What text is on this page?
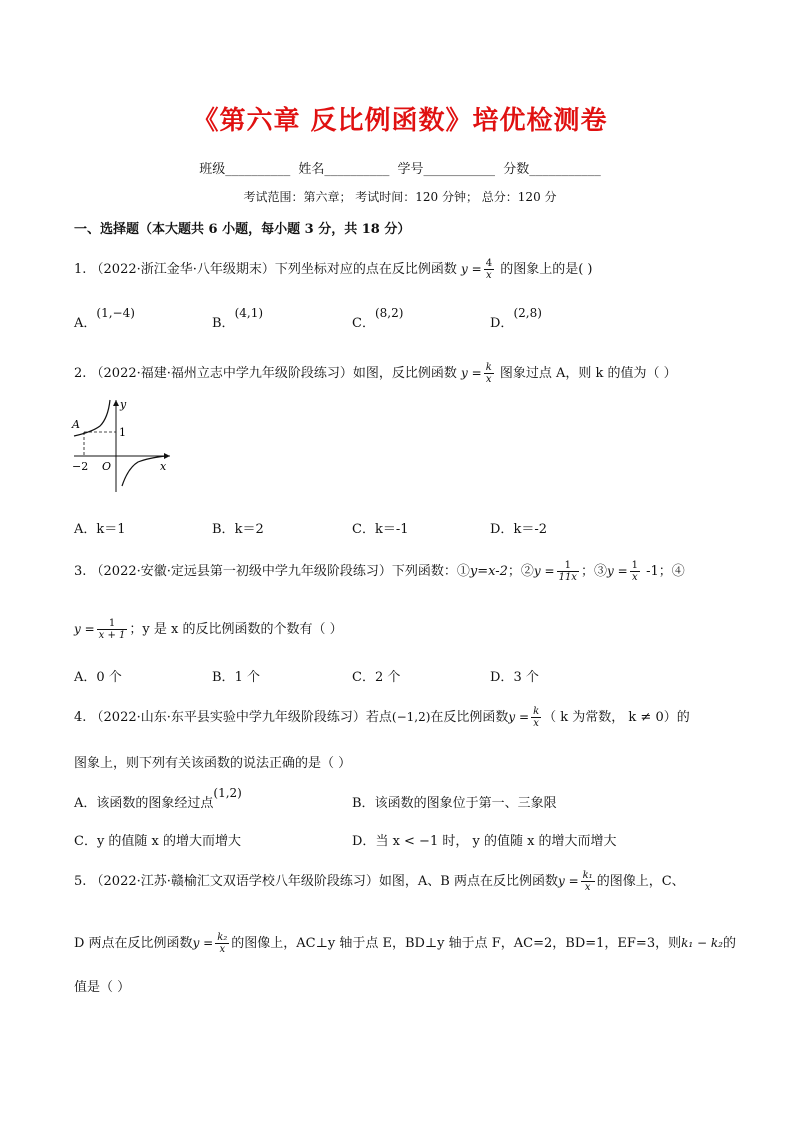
《第六章 反比例函数》培优检测卷
班级__________ 姓名__________ 学号___________ 分数___________
考试范围：第六章； 考试时间：120 分钟； 总分：120 分
一、选择题（本大题共 6 小题，每小题 3 分，共 18 分）
1. （2022·浙江金华·八年级期末）下列坐标对应的点在反比例函数 $y = \frac{4}{x}$ 的图象上的是( )
A．(1,−4)
B．(4,1)
C．(8,2)
D．(2,8)
2. （2022·福建·福州立志中学九年级阶段练习）如图，反比例函数 $y = \frac{k}{x}$ 图象过点 A，则 k 的值为（ ）
y
x
A
1
−2 O
A．k＝1	B．k＝2	C．k＝-1	D．k＝-2
3. （2022·安徽·定远县第一初级中学九年级阶段练习）下列函数：①y=x-2；②y = $\frac{1}{11x}$ ；③y = $\frac{1}{x} -1$；④
$y = \frac{1}{x + 1}$ ；y 是 x 的反比例函数的个数有（ ）
A．0 个	B．1 个	C．2 个	D．3 个
4. （2022·山东·东平县实验中学九年级阶段练习）若点(−1,2)在反比例函数$y = \frac{k}{x}$ （ k 为常数， k ≠ 0）的
图象上，则下列有关该函数的说法正确的是（ ）
A．该函数的图象经过点(1,2)
B．该函数的图象位于第一、三象限
C．y 的值随 x 的增大而增大	D．当 x < −1 时， y 的值随 x 的增大而增大
5. （2022·江苏·赣榆汇文双语学校八年级阶段练习）如图，A、B 两点在反比例函数$y = \frac{\text{k₁}}{x}$ 的图像上，C、
D 两点在反比例函数$y = \frac{\text{k₂}}{x}$ 的图像上，AC⊥y 轴于点 E，BD⊥y 轴于点 F，AC=2，BD=1，EF=3，则k₁ − k₂的
值是（ ）
